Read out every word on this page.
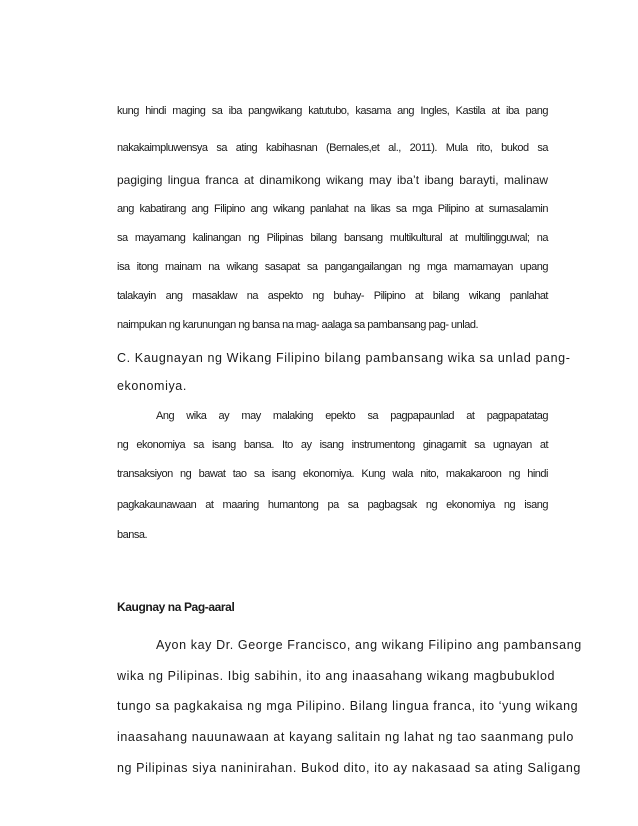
kung hindi maging sa iba pangwikang katutubo, kasama ang Ingles, Kastila at iba pang
nakakaimpluwensya sa ating kabihasnan (Bernales,et al., 2011). Mula rito, bukod sa
pagiging lingua franca at dinamikong wikang may iba’t ibang barayti, malinaw
ang kabatirang ang Filipino ang wikang panlahat na likas sa mga Pilipino at sumasalamin
sa mayamang kalinangan ng Pilipinas bilang bansang multikultural at multilingguwal; na
isa itong mainam na wikang sasapat sa pangangailangan ng mga mamamayan upang
talakayin ang masaklaw na aspekto ng buhay- Pilipino at bilang wikang panlahat
naimpukan ng karunungan ng bansa na mag- aalaga sa pambansang pag- unlad.
C. Kaugnayan ng Wikang Filipino bilang pambansang wika sa unlad pang-
ekonomiya.
Ang wika ay may malaking epekto sa pagpapaunlad at pagpapatatag
ng ekonomiya sa isang bansa. Ito ay isang instrumentong ginagamit sa ugnayan at
transaksiyon ng bawat tao sa isang ekonomiya. Kung wala nito, makakaroon ng hindi
pagkakaunawaan at maaring humantong pa sa pagbagsak ng ekonomiya ng isang
bansa.
Kaugnay na Pag-aaral
Ayon kay Dr. George Francisco, ang wikang Filipino ang pambansang
wika ng Pilipinas. Ibig sabihin, ito ang inaasahang wikang magbubuklod
tungo sa pagkakaisa ng mga Pilipino. Bilang lingua franca, ito ‘yung wikang
inaasahang nauunawaan at kayang salitain ng lahat ng tao saanmang pulo
ng Pilipinas siya naninirahan. Bukod dito, ito ay nakasaad sa ating Saligang
